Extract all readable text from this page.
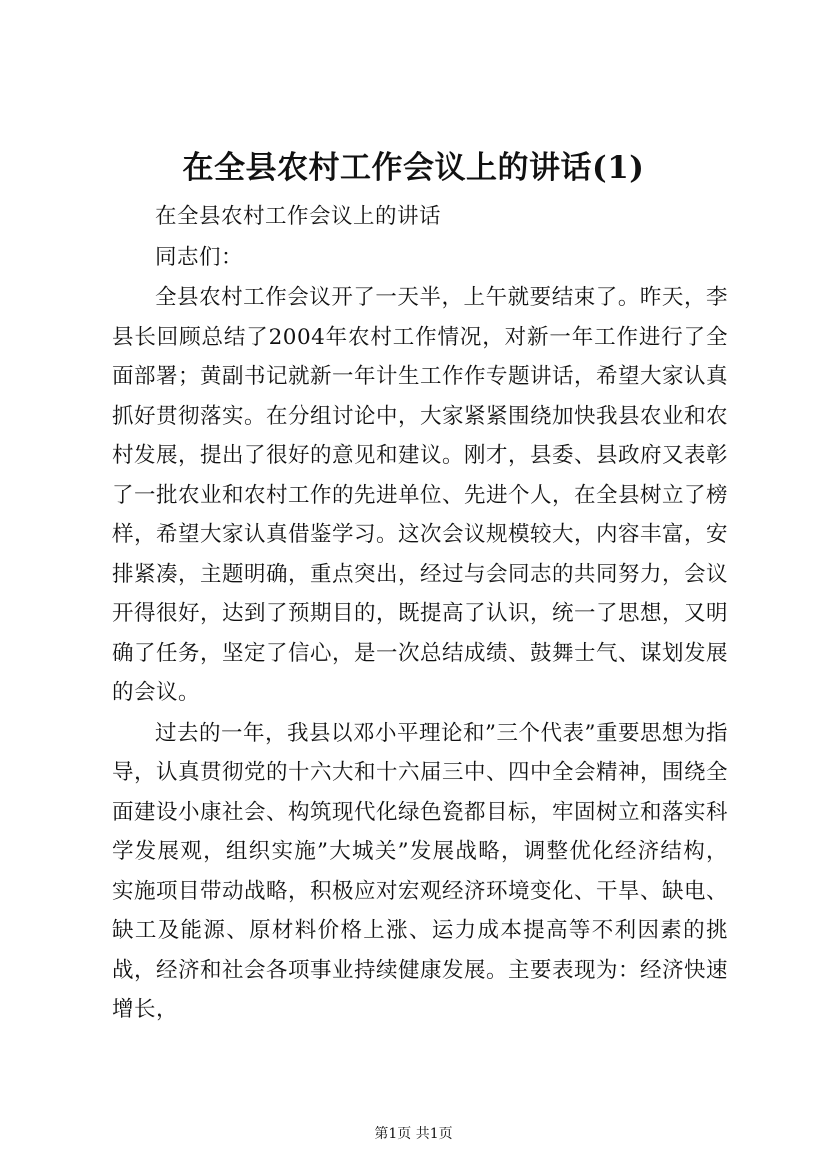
在全县农村工作会议上的讲话(1)

在全县农村工作会议上的讲话

同志们：

全县农村工作会议开了一天半，上午就要结束了。昨天，李县长回顾总结了2004年农村工作情况，对新一年工作进行了全面部署；黄副书记就新一年计生工作作专题讲话，希望大家认真抓好贯彻落实。在分组讨论中，大家紧紧围绕加快我县农业和农村发展，提出了很好的意见和建议。刚才，县委、县政府又表彰了一批农业和农村工作的先进单位、先进个人，在全县树立了榜样，希望大家认真借鉴学习。这次会议规模较大，内容丰富，安排紧凑，主题明确，重点突出，经过与会同志的共同努力，会议开得很好，达到了预期目的，既提高了认识，统一了思想，又明确了任务，坚定了信心，是一次总结成绩、鼓舞士气、谋划发展的会议。

过去的一年，我县以邓小平理论和”三个代表”重要思想为指导，认真贯彻党的十六大和十六届三中、四中全会精神，围绕全面建设小康社会、构筑现代化绿色瓷都目标，牢固树立和落实科学发展观，组织实施”大城关”发展战略，调整优化经济结构，实施项目带动战略，积极应对宏观经济环境变化、干旱、缺电、缺工及能源、原材料价格上涨、运力成本提高等不利因素的挑战，经济和社会各项事业持续健康发展。主要表现为：经济快速增长，

第1页 共1页
